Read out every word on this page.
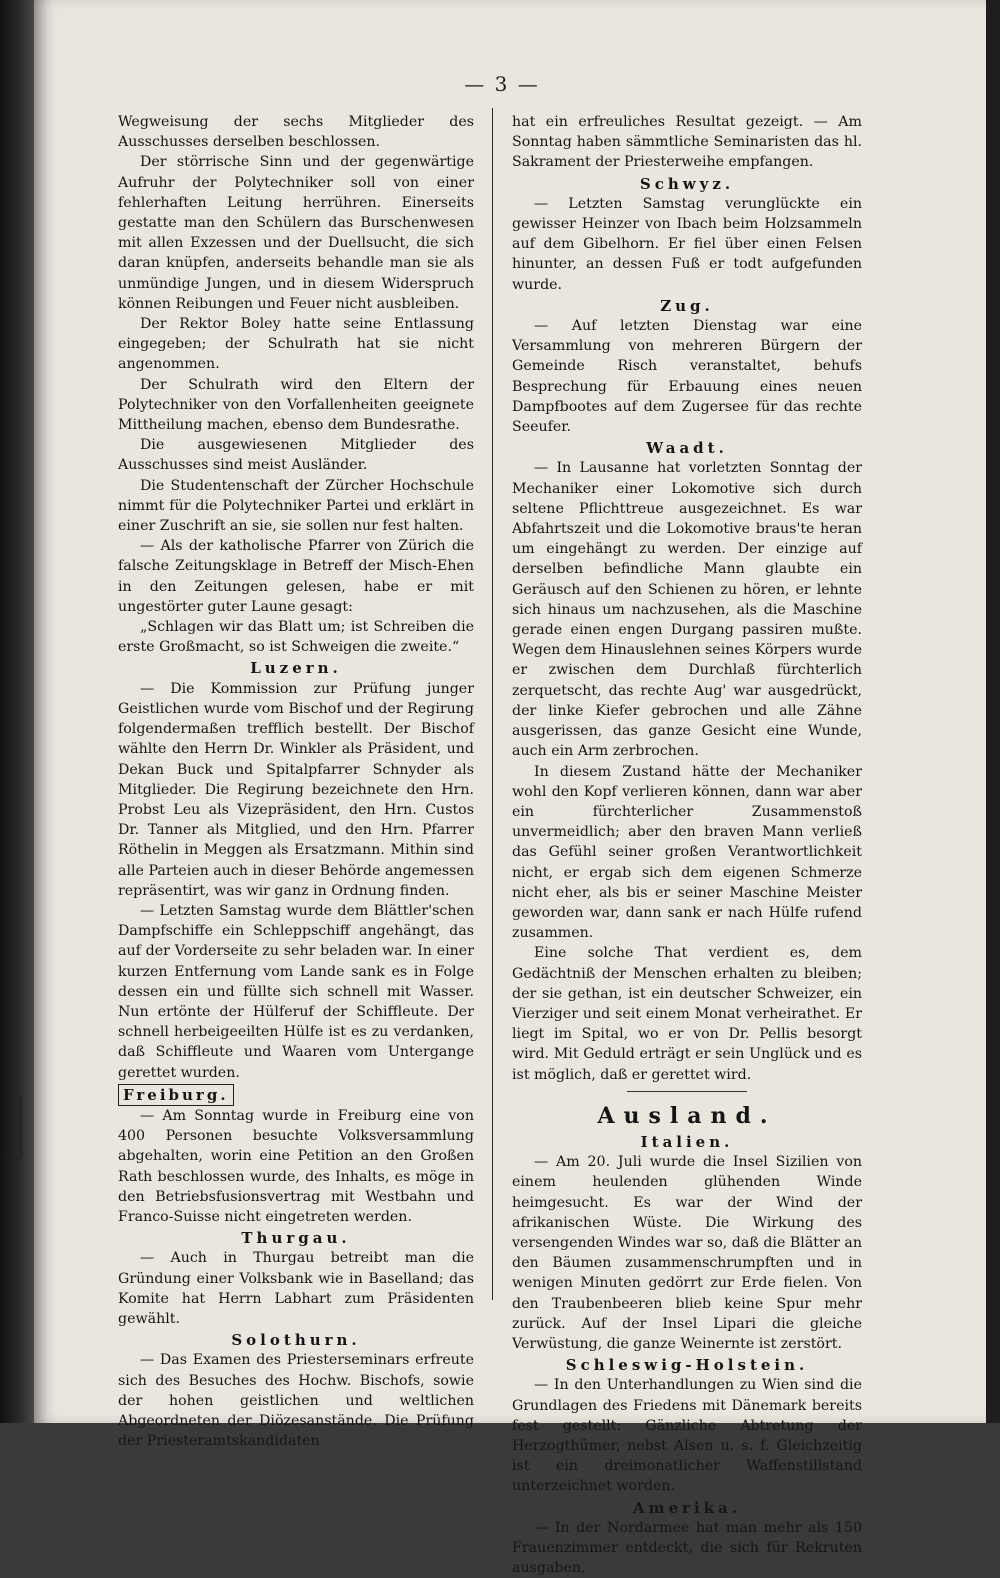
— 3 —

Wegweisung der sechs Mitglieder des Ausschusses derselben beschlossen.

Der störrische Sinn und der gegenwärtige Aufruhr der Polytechniker soll von einer fehlerhaften Leitung herrühren. Einerseits gestatte man den Schülern das Burschenwesen mit allen Exzessen und der Duellsucht, die sich daran knüpfen, anderseits behandle man sie als unmündige Jungen, und in diesem Widerspruch können Reibungen und Feuer nicht ausbleiben.

Der Rektor Boley hatte seine Entlassung eingegeben; der Schulrath hat sie nicht angenommen.

Der Schulrath wird den Eltern der Polytechniker von den Vorfallenheiten geeignete Mittheilung machen, ebenso dem Bundesrathe.

Die ausgewiesenen Mitglieder des Ausschusses sind meist Ausländer.

Die Studentenschaft der Zürcher Hochschule nimmt für die Polytechniker Partei und erklärt in einer Zuschrift an sie, sie sollen nur fest halten.

— Als der katholische Pfarrer von Zürich die falsche Zeitungsklage in Betreff der Misch-Ehen in den Zeitungen gelesen, habe er mit ungestörter guter Laune gesagt:

„Schlagen wir das Blatt um; ist Schreiben die erste Großmacht, so ist Schweigen die zweite.“

Luzern.

— Die Kommission zur Prüfung junger Geistlichen wurde vom Bischof und der Regirung folgendermaßen trefflich bestellt. Der Bischof wählte den Herrn Dr. Winkler als Präsident, und Dekan Buck und Spitalpfarrer Schnyder als Mitglieder. Die Regirung bezeichnete den Hrn. Probst Leu als Vizepräsident, den Hrn. Custos Dr. Tanner als Mitglied, und den Hrn. Pfarrer Röthelin in Meggen als Ersatzmann. Mithin sind alle Parteien auch in dieser Behörde angemessen repräsentirt, was wir ganz in Ordnung finden.

— Letzten Samstag wurde dem Blättler'schen Dampfschiffe ein Schleppschiff angehängt, das auf der Vorderseite zu sehr beladen war. In einer kurzen Entfernung vom Lande sank es in Folge dessen ein und füllte sich schnell mit Wasser. Nun ertönte der Hülferuf der Schiffleute. Der schnell herbeigeeilten Hülfe ist es zu verdanken, daß Schiffleute und Waaren vom Untergange gerettet wurden.

Freiburg.

— Am Sonntag wurde in Freiburg eine von 400 Personen besuchte Volksversammlung abgehalten, worin eine Petition an den Großen Rath beschlossen wurde, des Inhalts, es möge in den Betriebsfusionsvertrag mit Westbahn und Franco-Suisse nicht eingetreten werden.

Thurgau.

— Auch in Thurgau betreibt man die Gründung einer Volksbank wie in Baselland; das Komite hat Herrn Labhart zum Präsidenten gewählt.

Solothurn.

— Das Examen des Priesterseminars erfreute sich des Besuches des Hochw. Bischofs, sowie der hohen geistlichen und weltlichen Abgeordneten der Diözesanstände. Die Prüfung der Priesteramtskandidaten

hat ein erfreuliches Resultat gezeigt. — Am Sonntag haben sämmtliche Seminaristen das hl. Sakrament der Priesterweihe empfangen.

Schwyz.

— Letzten Samstag verunglückte ein gewisser Heinzer von Ibach beim Holzsammeln auf dem Gibelhorn. Er fiel über einen Felsen hinunter, an dessen Fuß er todt aufgefunden wurde.

Zug.

— Auf letzten Dienstag war eine Versammlung von mehreren Bürgern der Gemeinde Risch veranstaltet, behufs Besprechung für Erbauung eines neuen Dampfbootes auf dem Zugersee für das rechte Seeufer.

Waadt.

— In Lausanne hat vorletzten Sonntag der Mechaniker einer Lokomotive sich durch seltene Pflichttreue ausgezeichnet. Es war Abfahrtszeit und die Lokomotive braus'te heran um eingehängt zu werden. Der einzige auf derselben befindliche Mann glaubte ein Geräusch auf den Schienen zu hören, er lehnte sich hinaus um nachzusehen, als die Maschine gerade einen engen Durgang passiren mußte. Wegen dem Hinauslehnen seines Körpers wurde er zwischen dem Durchlaß fürchterlich zerquetscht, das rechte Aug' war ausgedrückt, der linke Kiefer gebrochen und alle Zähne ausgerissen, das ganze Gesicht eine Wunde, auch ein Arm zerbrochen.

In diesem Zustand hätte der Mechaniker wohl den Kopf verlieren können, dann war aber ein fürchterlicher Zusammenstoß unvermeidlich; aber den braven Mann verließ das Gefühl seiner großen Verantwortlichkeit nicht, er ergab sich dem eigenen Schmerze nicht eher, als bis er seiner Maschine Meister geworden war, dann sank er nach Hülfe rufend zusammen.

Eine solche That verdient es, dem Gedächtniß der Menschen erhalten zu bleiben; der sie gethan, ist ein deutscher Schweizer, ein Vierziger und seit einem Monat verheirathet. Er liegt im Spital, wo er von Dr. Pellis besorgt wird. Mit Geduld erträgt er sein Unglück und es ist möglich, daß er gerettet wird.

Ausland.
Italien.

— Am 20. Juli wurde die Insel Sizilien von einem heulenden glühenden Winde heimgesucht. Es war der Wind der afrikanischen Wüste. Die Wirkung des versengenden Windes war so, daß die Blätter an den Bäumen zusammenschrumpften und in wenigen Minuten gedörrt zur Erde fielen. Von den Traubenbeeren blieb keine Spur mehr zurück. Auf der Insel Lipari die gleiche Verwüstung, die ganze Weinernte ist zerstört.

Schleswig-Holstein.

— In den Unterhandlungen zu Wien sind die Grundlagen des Friedens mit Dänemark bereits fest gestellt: Gänzliche Abtretung der Herzogthümer, nebst Alsen u. s. f. Gleichzeitig ist ein dreimonatlicher Waffenstillstand unterzeichnet worden.

Amerika.

— In der Nordarmee hat man mehr als 150 Frauenzimmer entdeckt, die sich für Rekruten ausgaben,
